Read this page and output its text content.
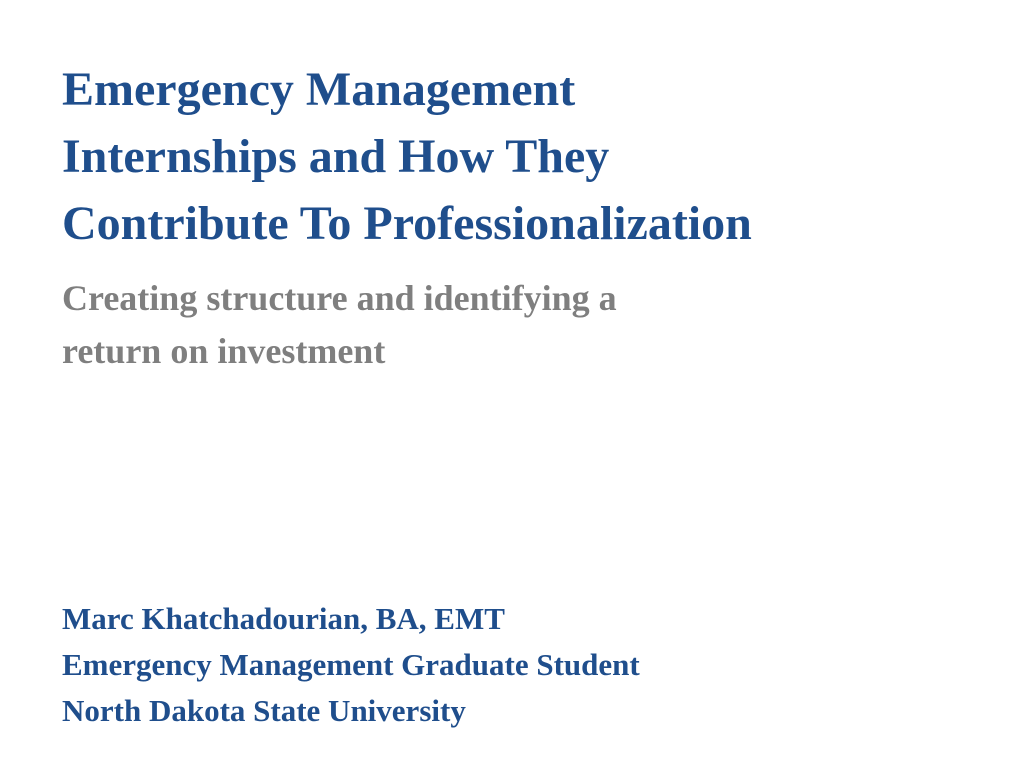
Emergency Management
Internships and How They
Contribute To Professionalization
Creating structure and identifying a
return on investment
Marc Khatchadourian, BA, EMT
Emergency Management Graduate Student
North Dakota State University
